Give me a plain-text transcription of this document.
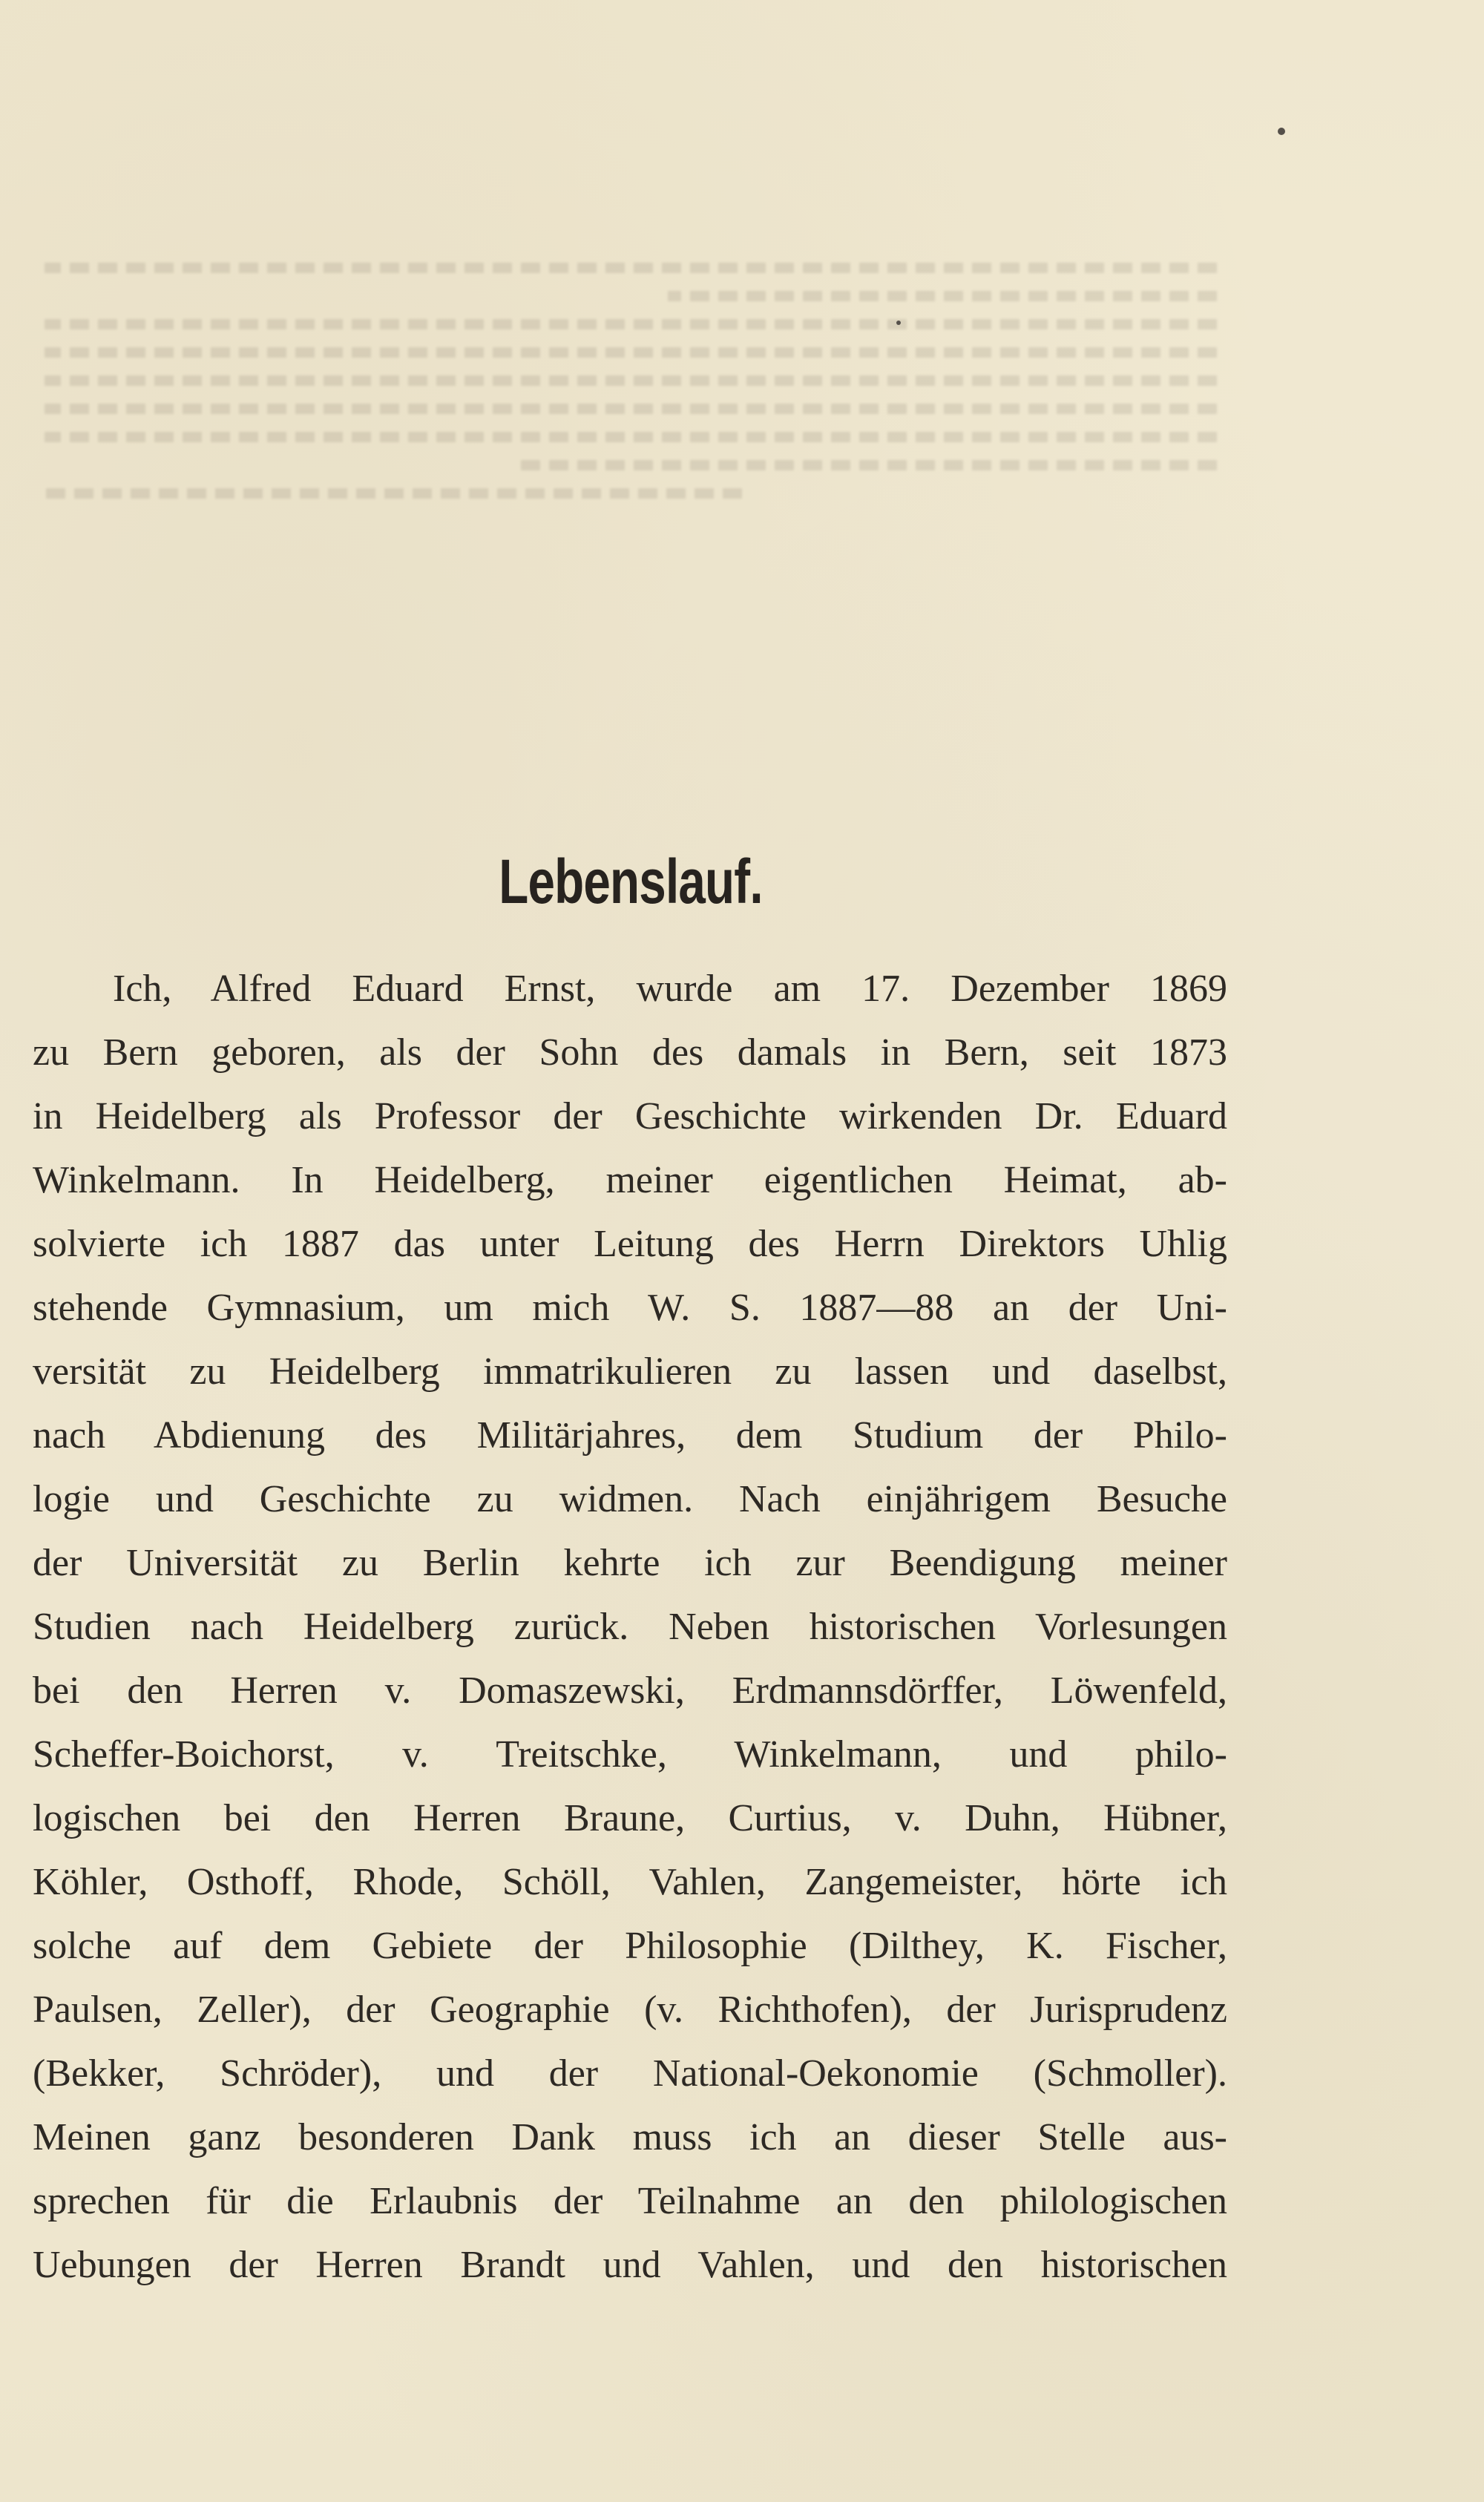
Lebenslauf.
Ich, Alfred Eduard Ernst, wurde am 17. Dezember 1869
zu Bern geboren, als der Sohn des damals in Bern, seit 1873
in Heidelberg als Professor der Geschichte wirkenden Dr. Eduard
Winkelmann. In Heidelberg, meiner eigentlichen Heimat, ab-
solvierte ich 1887 das unter Leitung des Herrn Direktors Uhlig
stehende Gymnasium, um mich W. S. 1887—88 an der Uni-
versität zu Heidelberg immatrikulieren zu lassen und daselbst,
nach Abdienung des Militärjahres, dem Studium der Philo-
logie und Geschichte zu widmen. Nach einjährigem Besuche
der Universität zu Berlin kehrte ich zur Beendigung meiner
Studien nach Heidelberg zurück. Neben historischen Vorlesungen
bei den Herren v. Domaszewski, Erdmannsdörffer, Löwenfeld,
Scheffer-Boichorst, v. Treitschke, Winkelmann, und philo-
logischen bei den Herren Braune, Curtius, v. Duhn, Hübner,
Köhler, Osthoff, Rhode, Schöll, Vahlen, Zangemeister, hörte ich
solche auf dem Gebiete der Philosophie (Dilthey, K. Fischer,
Paulsen, Zeller), der Geographie (v. Richthofen), der Jurisprudenz
(Bekker, Schröder), und der National-Oekonomie (Schmoller).
Meinen ganz besonderen Dank muss ich an dieser Stelle aus-
sprechen für die Erlaubnis der Teilnahme an den philologischen
Uebungen der Herren Brandt und Vahlen, und den historischen
